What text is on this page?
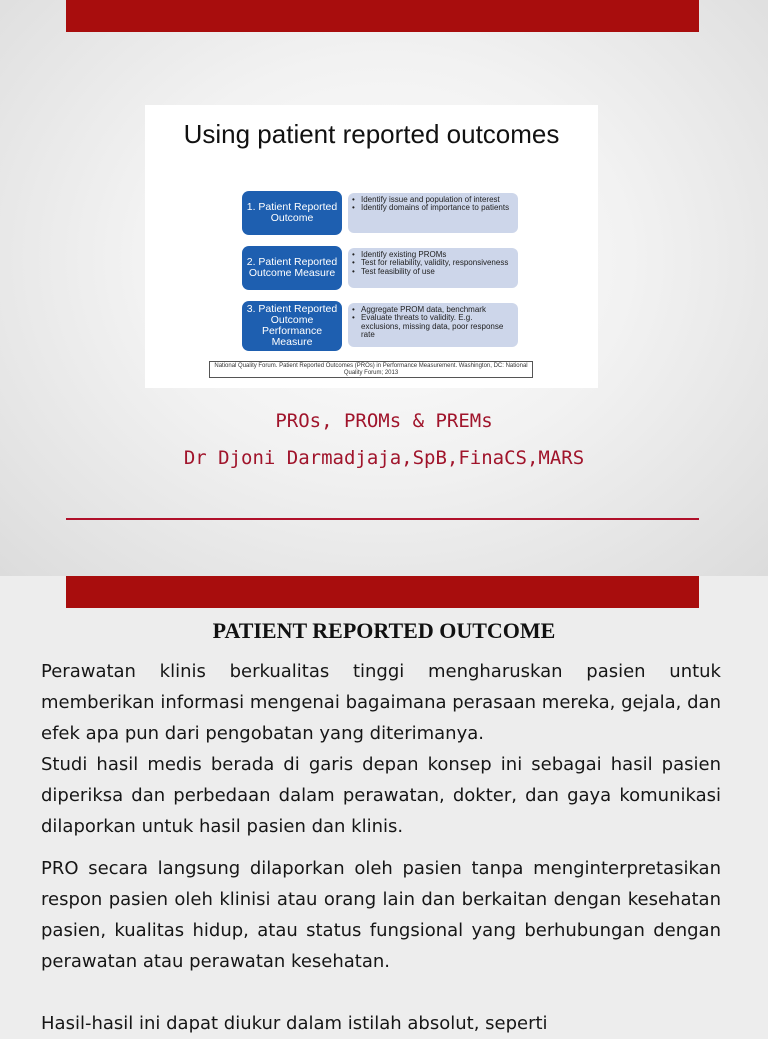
Using patient reported outcomes
1. Patient Reported Outcome
• Identify issue and population of interest
• Identify domains of importance to patients
2. Patient Reported Outcome Measure
• Identify existing PROMs
• Test for reliability, validity, responsiveness
• Test feasibility of use
3. Patient Reported Outcome Performance Measure
• Aggregate PROM data, benchmark
• Evaluate threats to validity. E.g. exclusions, missing data, poor response rate
National Quality Forum. Patient Reported Outcomes (PROs) in Performance Measurement. Washington, DC: National Quality Forum; 2013
PROs, PROMs & PREMs
Dr Djoni Darmadjaja,SpB,FinaCS,MARS
PATIENT REPORTED OUTCOME

Perawatan klinis berkualitas tinggi mengharuskan pasien untuk memberikan informasi mengenai bagaimana perasaan mereka, gejala, dan efek apa pun dari pengobatan yang diterimanya.

Studi hasil medis berada di garis depan konsep ini sebagai hasil pasien diperiksa dan perbedaan dalam perawatan, dokter, dan gaya komunikasi dilaporkan untuk hasil pasien dan klinis.

PRO secara langsung dilaporkan oleh pasien tanpa menginterpretasikan respon pasien oleh klinisi atau orang lain dan berkaitan dengan kesehatan pasien, kualitas hidup, atau status fungsional yang berhubungan dengan perawatan atau perawatan kesehatan.

Hasil-hasil ini dapat diukur dalam istilah absolut, seperti
